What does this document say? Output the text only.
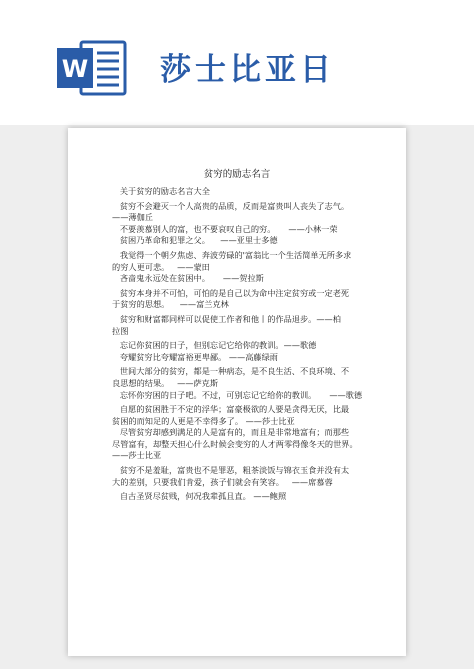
W 莎士比亚日
贫穷的励志名言

关于贫穷的励志名言大全

贫穷不会避灭一个人高贵的品质，反而是富贵叫人丧失了志气。

——薄伽丘

不要羡慕别人的富，也不要哀叹自己的穷。     ——小林一荣

贫困乃革命和犯罪之父。    ——亚里士多德

我觉得一个朝夕焦虑、奔波劳碌的'富翁比一个生活简单无所多求

的穷人更可悲。   ——蒙田

吝啬鬼永远处在贫困中。     ——贺拉斯

贫穷本身并不可怕，可怕的是自己以为命中注定贫穷或一定老死

于贫穷的思想。    ——富兰克林

贫穷和财富都同样可以促使工作者和他丨的作品退步。——柏

拉图

忘记你贫困的日子，但别忘记它给你的教训。——歌德

夸耀贫穷比夸耀富裕更卑鄙。 ——高藤绿雨

世间大部分的贫穷，都是一种病态，是不良生活、不良环境、不

良思想的结果。   ——萨克斯

忘怀你穷困的日子吧。不过，可别忘记它给你的教训。     ——歌德

自愿的贫困胜于不定的浮华；富豪极欲的人要是贪得无厌，比最

贫困的而知足的人更是不幸得多了。 ——莎士比亚

尽管贫穷却感到满足的人是富有的，而且是非常地富有；而那些

尽管富有，却整天担心什么时候会变穷的人才两零得像冬天的世界。

——莎士比亚

贫穷不是羞耻，富贵也不是罪恶，粗茶淡饭与锦衣玉食并没有太

大的差别，只要我们肯爱，孩子们就会有笑容。   ——席慕蓉

自古圣贤尽贫贱，何况我辈孤且直。 ——鲍照
